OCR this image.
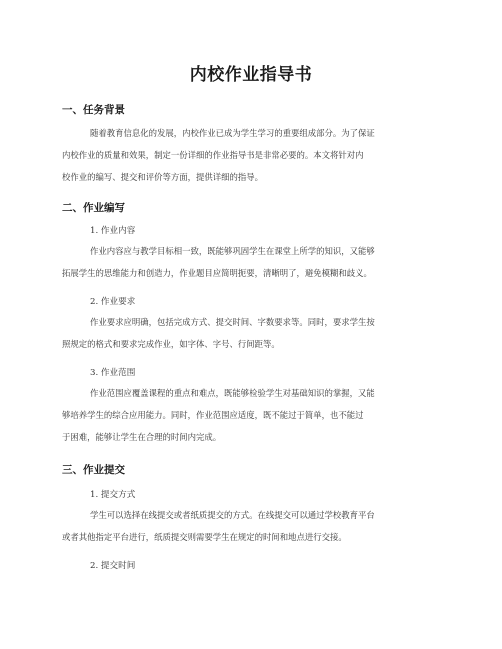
内校作业指导书
一、任务背景
随着教育信息化的发展，内校作业已成为学生学习的重要组成部分。为了保证
内校作业的质量和效果，制定一份详细的作业指导书是非常必要的。本文将针对内
校作业的编写、提交和评价等方面，提供详细的指导。
二、作业编写
1. 作业内容
作业内容应与教学目标相一致，既能够巩固学生在课堂上所学的知识，又能够
拓展学生的思维能力和创造力，作业题目应简明扼要，清晰明了，避免模糊和歧义。
2. 作业要求
作业要求应明确，包括完成方式、提交时间、字数要求等。同时，要求学生按
照规定的格式和要求完成作业，如字体、字号、行间距等。
3. 作业范围
作业范围应覆盖课程的重点和难点，既能够检验学生对基础知识的掌握，又能
够培养学生的综合应用能力。同时，作业范围应适度，既不能过于简单，也不能过
于困难，能够让学生在合理的时间内完成。
三、作业提交
1. 提交方式
学生可以选择在线提交或者纸质提交的方式。在线提交可以通过学校教育平台
或者其他指定平台进行，纸质提交则需要学生在规定的时间和地点进行交接。
2. 提交时间
